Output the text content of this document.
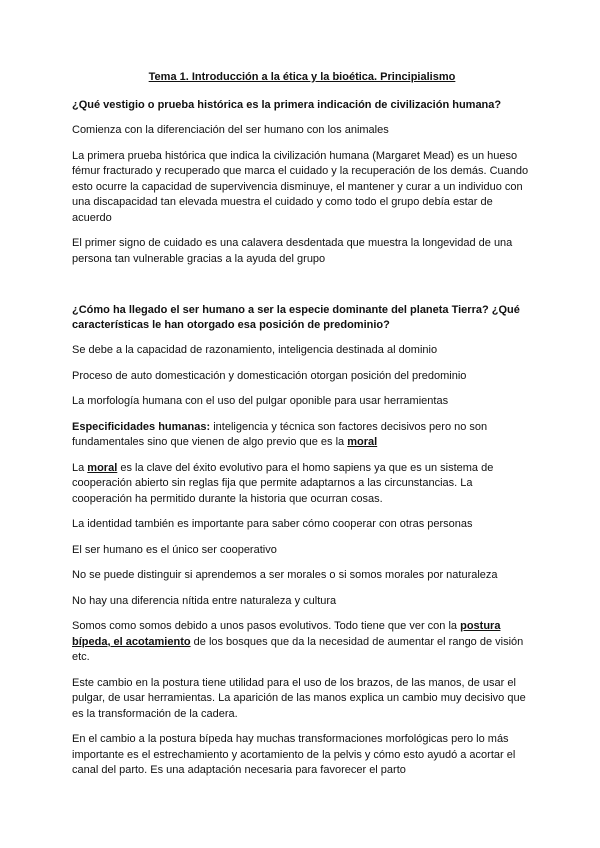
Tema 1. Introducción a la ética y la bioética. Principialismo
¿Qué vestigio o prueba histórica es la primera indicación de civilización humana?

Comienza con la diferenciación del ser humano con los animales

La primera prueba histórica que indica la civilización humana (Margaret Mead) es un hueso fémur fracturado y recuperado que marca el cuidado y la recuperación de los demás. Cuando esto ocurre la capacidad de supervivencia disminuye, el mantener y curar a un individuo con una discapacidad tan elevada muestra el cuidado y como todo el grupo debía estar de acuerdo

El primer signo de cuidado es una calavera desdentada que muestra la longevidad de una persona tan vulnerable gracias a la ayuda del grupo

¿Cómo ha llegado el ser humano a ser la especie dominante del planeta Tierra? ¿Qué características le han otorgado esa posición de predominio?

Se debe a la capacidad de razonamiento, inteligencia destinada al dominio

Proceso de auto domesticación y domesticación otorgan posición del predominio

La morfología humana con el uso del pulgar oponible para usar herramientas

Especificidades humanas: inteligencia y técnica son factores decisivos pero no son fundamentales sino que vienen de algo previo que es la moral

La moral es la clave del éxito evolutivo para el homo sapiens ya que es un sistema de cooperación abierto sin reglas fija que permite adaptarnos a las circunstancias. La cooperación ha permitido durante la historia que ocurran cosas.

La identidad también es importante para saber cómo cooperar con otras personas

El ser humano es el único ser cooperativo

No se puede distinguir si aprendemos a ser morales o si somos morales por naturaleza

No hay una diferencia nítida entre naturaleza y cultura

Somos como somos debido a unos pasos evolutivos. Todo tiene que ver con la postura bípeda, el acotamiento de los bosques que da la necesidad de aumentar el rango de visión etc.

Este cambio en la postura tiene utilidad para el uso de los brazos, de las manos, de usar el pulgar, de usar herramientas. La aparición de las manos explica un cambio muy decisivo que es la transformación de la cadera.

En el cambio a la postura bípeda hay muchas transformaciones morfológicas pero lo más importante es el estrechamiento y acortamiento de la pelvis y cómo esto ayudó a acortar el canal del parto. Es una adaptación necesaria para favorecer el parto
